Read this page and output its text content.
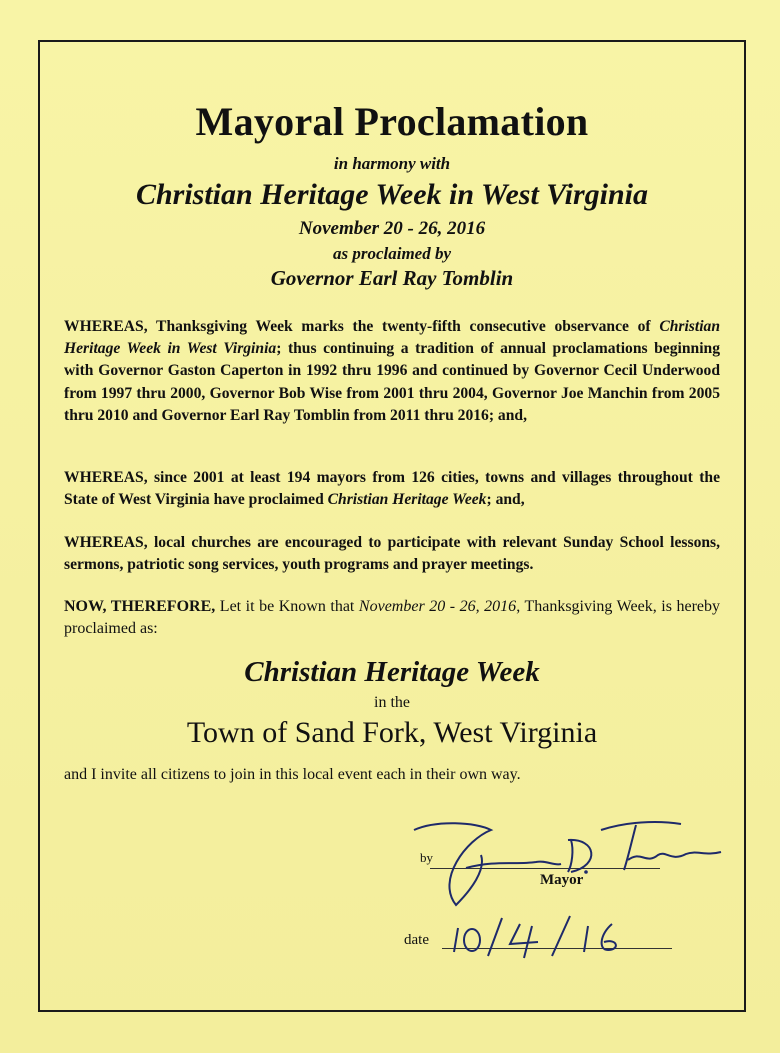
Mayoral Proclamation
in harmony with
Christian Heritage Week in West Virginia
November 20 - 26, 2016
as proclaimed by
Governor Earl Ray Tomblin
WHEREAS, Thanksgiving Week marks the twenty-fifth consecutive observance of Christian Heritage Week in West Virginia; thus continuing a tradition of annual proclamations beginning with Governor Gaston Caperton in 1992 thru 1996 and continued by Governor Cecil Underwood from 1997 thru 2000, Governor Bob Wise from 2001 thru 2004, Governor Joe Manchin from 2005 thru 2010 and Governor Earl Ray Tomblin from 2011 thru 2016; and,
WHEREAS, since 2001 at least 194 mayors from 126 cities, towns and villages throughout the State of West Virginia have proclaimed Christian Heritage Week; and,
WHEREAS, local churches are encouraged to participate with relevant Sunday School lessons, sermons, patriotic song services, youth programs and prayer meetings.
NOW, THEREFORE, Let it be Known that November 20 - 26, 2016, Thanksgiving Week, is hereby proclaimed as:
Christian Heritage Week
in the
Town of Sand Fork, West Virginia
and I invite all citizens to join in this local event each in their own way.
by
Mayor
date
